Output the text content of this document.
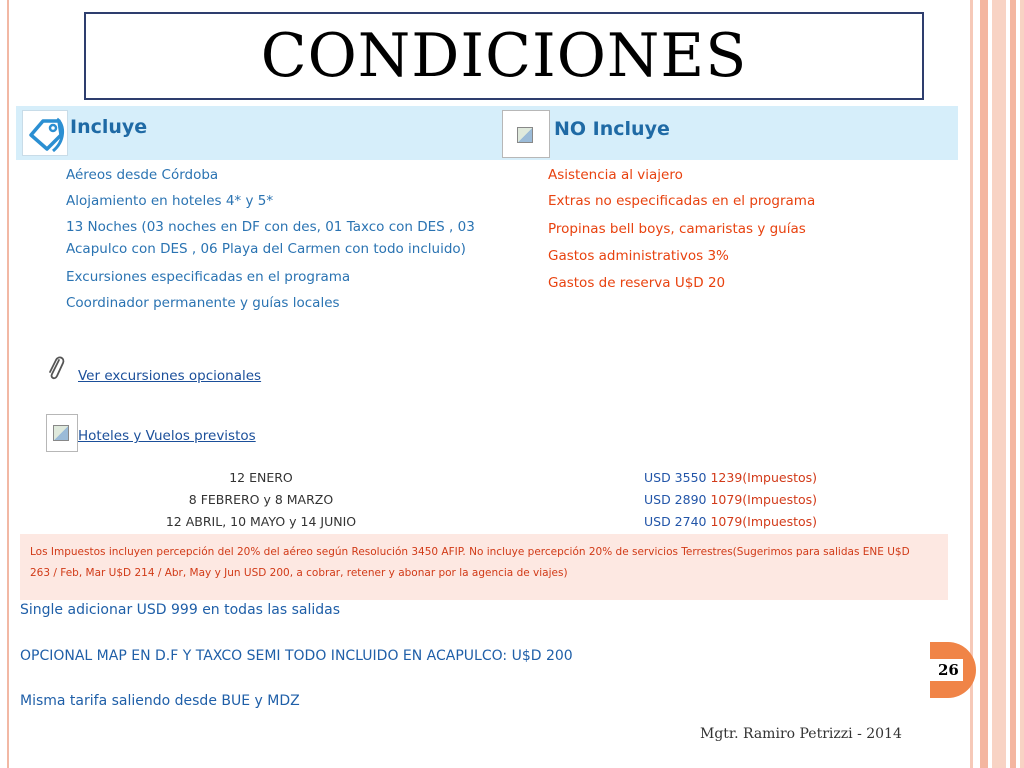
CONDICIONES
Incluye	NO Incluye
Aéreos desde Córdoba
Alojamiento en hoteles 4* y 5*
13 Noches (03 noches en DF con des, 01 Taxco con DES , 03
Acapulco con DES , 06 Playa del Carmen con todo incluido)
Excursiones especificadas en el programa
Coordinador permanente y guías locales
Asistencia al viajero
Extras no especificadas en el programa
Propinas bell boys, camaristas y guías
Gastos administrativos 3%
Gastos de reserva U$D 20
Ver excursiones opcionales
Hoteles y Vuelos previstos
12 ENERO
8 FEBRERO y 8 MARZO
12 ABRIL, 10 MAYO y 14 JUNIO
USD 3550 1239(Impuestos)
USD 2890 1079(Impuestos)
USD 2740 1079(Impuestos)
Los Impuestos incluyen percepción del 20% del aéreo según Resolución 3450 AFIP. No incluye percepción 20% de servicios Terrestres(Sugerimos para salidas ENE U$D
263 / Feb, Mar U$D 214 / Abr, May y Jun USD 200, a cobrar, retener y abonar por la agencia de viajes)
Single adicionar USD 999 en todas las salidas
OPCIONAL MAP EN D.F Y TAXCO SEMI TODO INCLUIDO EN ACAPULCO: U$D 200
Misma tarifa saliendo desde BUE y MDZ
26
Mgtr. Ramiro Petrizzi - 2014
